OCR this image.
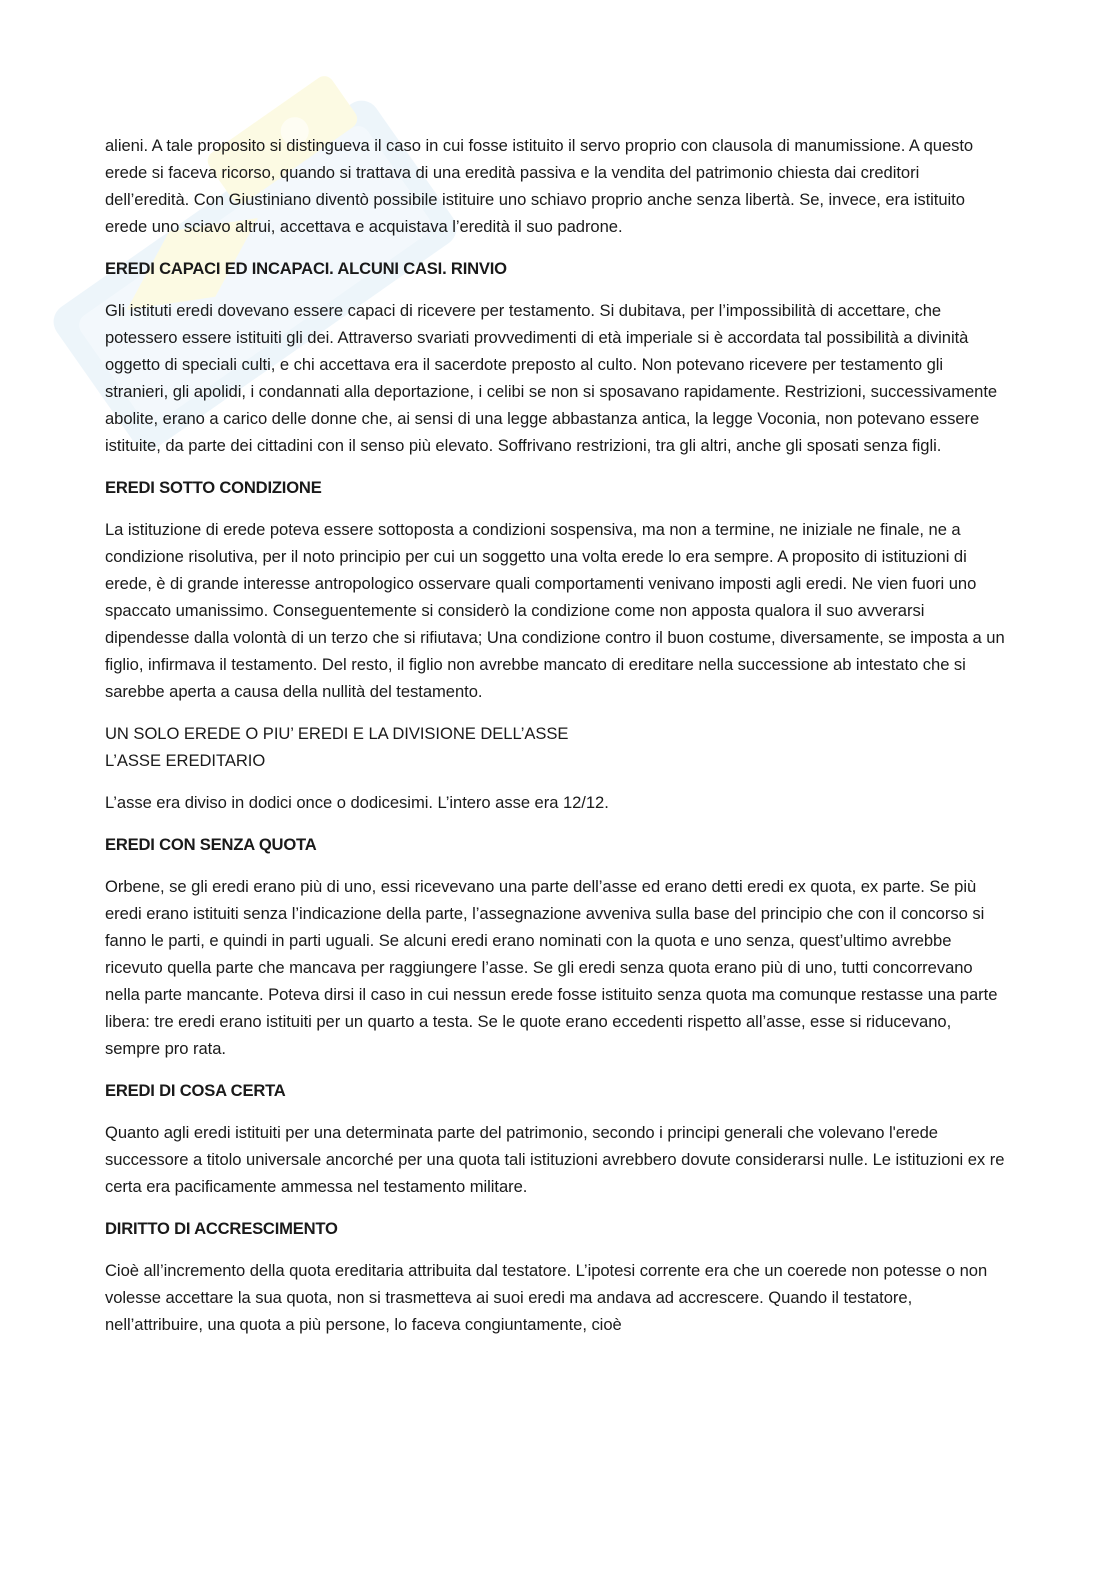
alieni. A tale proposito si distingueva il caso in cui fosse istituito il servo proprio con clausola di manumissione. A questo erede si faceva ricorso, quando si trattava di una eredità passiva e la vendita del patrimonio chiesta dai creditori dell’eredità. Con Giustiniano diventò possibile istituire uno schiavo proprio anche senza libertà. Se, invece, era istituito erede uno sciavo altrui, accettava e acquistava l’eredità il suo padrone.

EREDI CAPACI ED INCAPACI. ALCUNI CASI. RINVIO

Gli istituti eredi dovevano essere capaci di ricevere per testamento. Si dubitava, per l’impossibilità di accettare, che potessero essere istituiti gli dei. Attraverso svariati provvedimenti di età imperiale si è accordata tal possibilità a divinità oggetto di speciali culti, e chi accettava era il sacerdote preposto al culto. Non potevano ricevere per testamento gli stranieri, gli apolidi, i condannati alla deportazione, i celibi se non si sposavano rapidamente. Restrizioni, successivamente abolite, erano a carico delle donne che, ai sensi di una legge abbastanza antica, la legge Voconia, non potevano essere istituite, da parte dei cittadini con il senso più elevato. Soffrivano restrizioni, tra gli altri, anche gli sposati senza figli.

EREDI SOTTO CONDIZIONE

La istituzione di erede poteva essere sottoposta a condizioni sospensiva, ma non a termine, ne iniziale ne finale, ne a condizione risolutiva, per il noto principio per cui un soggetto una volta erede lo era sempre. A proposito di istituzioni di erede, è di grande interesse antropologico osservare quali comportamenti venivano imposti agli eredi. Ne vien fuori uno spaccato umanissimo. Conseguentemente si considerò la condizione come non apposta qualora il suo avverarsi dipendesse dalla volontà di un terzo che si rifiutava; Una condizione contro il buon costume, diversamente, se imposta a un figlio, infirmava il testamento. Del resto, il figlio non avrebbe mancato di ereditare nella successione ab intestato che si sarebbe aperta a causa della nullità del testamento.

UN SOLO EREDE O PIU’ EREDI E LA DIVISIONE DELL’ASSE
L’ASSE EREDITARIO

L’asse era diviso in dodici once o dodicesimi. L’intero asse era 12/12.

EREDI CON SENZA QUOTA

Orbene, se gli eredi erano più di uno, essi ricevevano una parte dell’asse ed erano detti eredi ex quota, ex parte. Se più eredi erano istituiti senza l’indicazione della parte, l’assegnazione avveniva sulla base del principio che con il concorso si fanno le parti, e quindi in parti uguali. Se alcuni eredi erano nominati con la quota e uno senza, quest’ultimo avrebbe ricevuto quella parte che mancava per raggiungere l’asse. Se gli eredi senza quota erano più di uno, tutti concorrevano nella parte mancante. Poteva dirsi il caso in cui nessun erede fosse istituito senza quota ma comunque restasse una parte libera: tre eredi erano istituiti per un quarto a testa. Se le quote erano eccedenti rispetto all’asse, esse si riducevano, sempre pro rata.

EREDI DI COSA CERTA

Quanto agli eredi istituiti per una determinata parte del patrimonio, secondo i principi generali che volevano l'erede successore a titolo universale ancorché per una quota tali istituzioni avrebbero dovute considerarsi nulle. Le istituzioni ex re certa era pacificamente ammessa nel testamento militare.

DIRITTO DI ACCRESCIMENTO

Cioè all’incremento della quota ereditaria attribuita dal testatore. L’ipotesi corrente era che un coerede non potesse o non volesse accettare la sua quota, non si trasmetteva ai suoi eredi ma andava ad accrescere. Quando il testatore, nell’attribuire, una quota a più persone, lo faceva congiuntamente, cioè
